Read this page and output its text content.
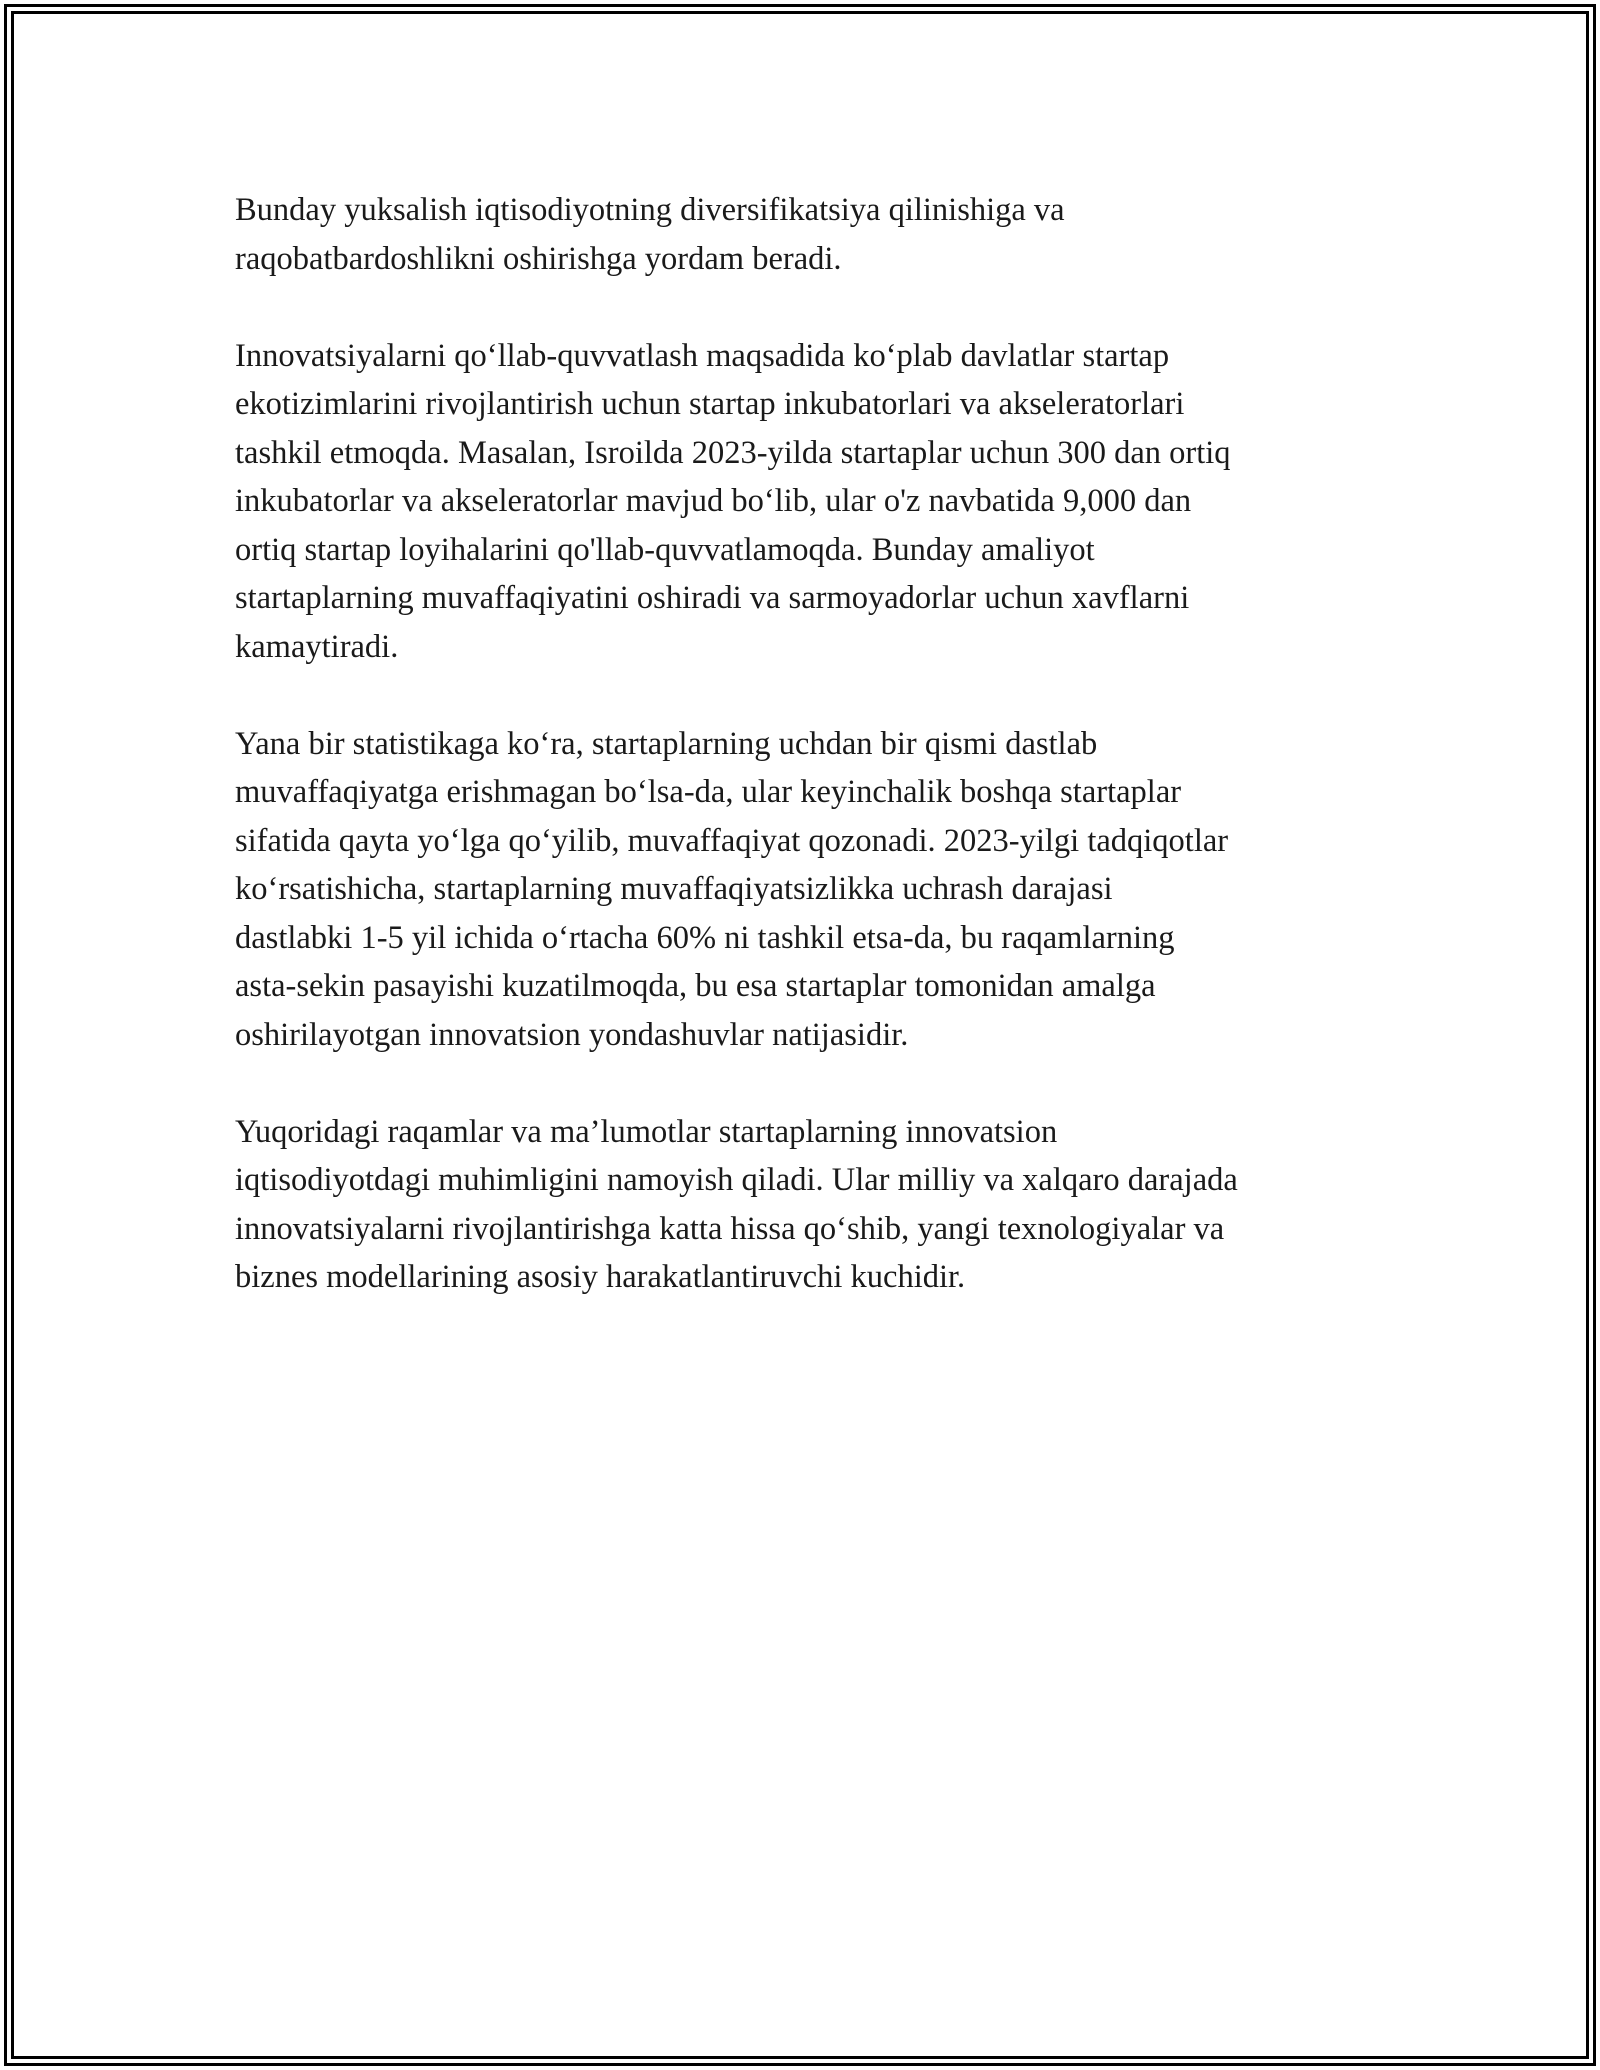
Bunday yuksalish iqtisodiyotning diversifikatsiya qilinishiga va
raqobatbardoshlikni oshirishga yordam beradi.

Innovatsiyalarni qo‘llab-quvvatlash maqsadida ko‘plab davlatlar startap
ekotizimlarini rivojlantirish uchun startap inkubatorlari va akseleratorlari
tashkil etmoqda. Masalan, Isroilda 2023-yilda startaplar uchun 300 dan ortiq
inkubatorlar va akseleratorlar mavjud bo‘lib, ular o'z navbatida 9,000 dan
ortiq startap loyihalarini qo'llab-quvvatlamoqda. Bunday amaliyot
startaplarning muvaffaqiyatini oshiradi va sarmoyadorlar uchun xavflarni
kamaytiradi.

Yana bir statistikaga ko‘ra, startaplarning uchdan bir qismi dastlab
muvaffaqiyatga erishmagan bo‘lsa-da, ular keyinchalik boshqa startaplar
sifatida qayta yo‘lga qo‘yilib, muvaffaqiyat qozonadi. 2023-yilgi tadqiqotlar
ko‘rsatishicha, startaplarning muvaffaqiyatsizlikka uchrash darajasi
dastlabki 1-5 yil ichida o‘rtacha 60% ni tashkil etsa-da, bu raqamlarning
asta-sekin pasayishi kuzatilmoqda, bu esa startaplar tomonidan amalga
oshirilayotgan innovatsion yondashuvlar natijasidir.

Yuqoridagi raqamlar va ma’lumotlar startaplarning innovatsion
iqtisodiyotdagi muhimligini namoyish qiladi. Ular milliy va xalqaro darajada
innovatsiyalarni rivojlantirishga katta hissa qo‘shib, yangi texnologiyalar va
biznes modellarining asosiy harakatlantiruvchi kuchidir.
